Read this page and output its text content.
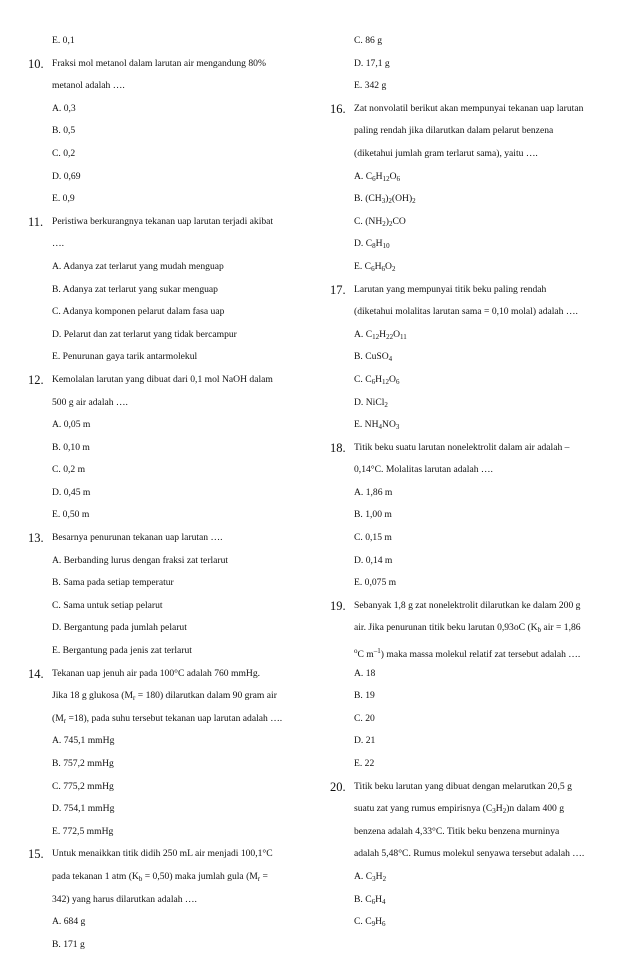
E. 0,1
10. Fraksi mol metanol dalam larutan air mengandung 80%
metanol adalah ….
A. 0,3
B. 0,5
C. 0,2
D. 0,69
E. 0,9
11. Peristiwa berkurangnya tekanan uap larutan terjadi akibat
….
A. Adanya zat terlarut yang mudah menguap
B. Adanya zat terlarut yang sukar menguap
C. Adanya komponen pelarut dalam fasa uap
D. Pelarut dan zat terlarut yang tidak bercampur
E. Penurunan gaya tarik antarmolekul
12. Kemolalan larutan yang dibuat dari 0,1 mol NaOH dalam
500 g air adalah ….
A. 0,05 m
B. 0,10 m
C. 0,2 m
D. 0,45 m
E. 0,50 m
13. Besarnya penurunan tekanan uap larutan ….
A. Berbanding lurus dengan fraksi zat terlarut
B. Sama pada setiap temperatur
C. Sama untuk setiap pelarut
D. Bergantung pada jumlah pelarut
E. Bergantung pada jenis zat terlarut
14. Tekanan uap jenuh air pada 100°C adalah 760 mmHg.
Jika 18 g glukosa $(M_r = 180)$ dilarutkan dalam 90 gram air
$(M_r =18)$, pada suhu tersebut tekanan uap larutan adalah ….
A. 745,1 mmHg
B. 757,2 mmHg
C. 775,2 mmHg
D. 754,1 mmHg
E. 772,5 mmHg
15. Untuk menaikkan titik didih 250 mL air menjadi 100,1°C
pada tekanan 1 atm $(K_b = 0,50)$ maka jumlah gula ($M_r$ =
342) yang harus dilarutkan adalah ….
A. 684 g
B. 171 g
C. 86 g
D. 17,1 g
E. 342 g
16. Zat nonvolatil berikut akan mempunyai tekanan uap larutan
paling rendah jika dilarutkan dalam pelarut benzena
(diketahui jumlah gram terlarut sama), yaitu ….
A. $C_6H_{12}O_6$
B. $(CH_3)_2(OH)_2$
C. $(NH_2)_2CO$
D. $C_8H_{10}$
E. $C_6H_6O_2$
17. Larutan yang mempunyai titik beku paling rendah
(diketahui molalitas larutan sama = 0,10 molal) adalah ….
A. $C_{12}H_{22}O_{11}$
B. CuSO$_4$
C. $C_6H_{12}O_6$
D. NiCl$_2$
E. $NH_4NO_3$
18. Titik beku suatu larutan nonelektrolit dalam air adalah –
0,14°C. Molalitas larutan adalah ….
A. 1,86 m
B. 1,00 m
C. 0,15 m
D. 0,14 m
E. 0,075 m
19. Sebanyak 1,8 g zat nonelektrolit dilarutkan ke dalam 200 g
air. Jika penurunan titik beku larutan 0,93oC ($K_b$ air = 1,86
$^o$C $m^{-1}$) maka massa molekul relatif zat tersebut adalah ….
A. 18
B. 19
C. 20
D. 21
E. 22
20. Titik beku larutan yang dibuat dengan melarutkan 20,5 g
suatu zat yang rumus empirisnya $(C_3H_2)n$ dalam 400 g
benzena adalah 4,33°C. Titik beku benzena murninya
adalah 5,48°C. Rumus molekul senyawa tersebut adalah ….
A. $C_3H_2$
B. $C_6H_4$
C. $C_9H_6$
